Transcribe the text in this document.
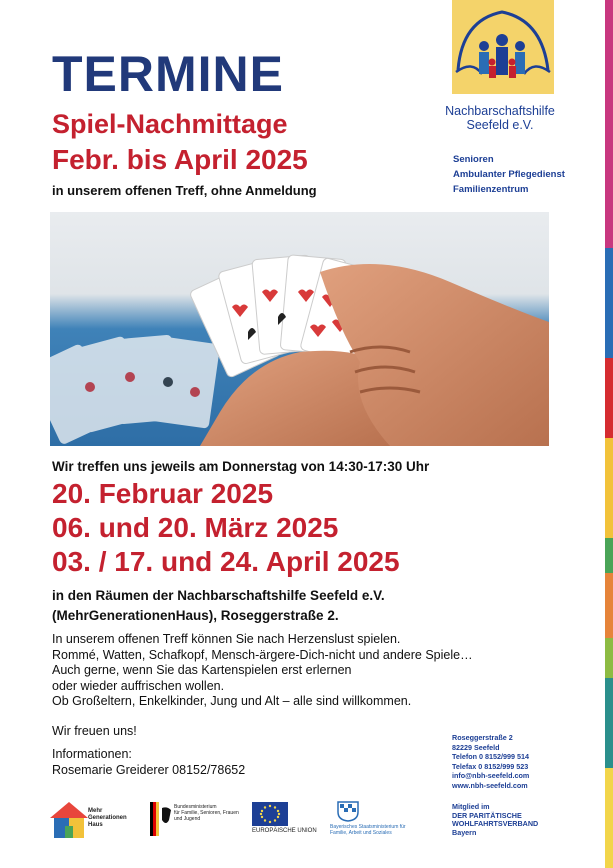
TERMINE
Spiel-Nachmittage
Febr. bis April 2025
in unserem offenen Treff, ohne Anmeldung
Nachbarschaftshilfe
Seefeld e.V.
Senioren
Ambulanter Pflegedienst
Familienzentrum
Wir treffen uns jeweils am Donnerstag von 14:30-17:30 Uhr
20. Februar 2025
06. und 20. März 2025
03. / 17. und 24. April 2025
in den Räumen der Nachbarschaftshilfe Seefeld e.V.
(MehrGenerationenHaus), Roseggerstraße 2.
In unserem offenen Treff können Sie nach Herzenslust spielen.
Rommé, Watten, Schafkopf, Mensch-ärgere-Dich-nicht und andere Spiele…
Auch gerne, wenn Sie das Kartenspielen erst erlernen
oder wieder auffrischen wollen.
Ob Großeltern, Enkelkinder, Jung und Alt – alle sind willkommen.
Wir freuen uns!
Informationen:
Rosemarie Greiderer 08152/78652
Roseggerstraße 2
82229 Seefeld
Telefon 0 8152/999 514
Telefax 0 8152/999 523
info@nbh-seefeld.com
www.nbh-seefeld.com
Mitglied im
DER PARITÄTISCHE
WOHLFAHRTSVERBAND
Bayern
Mehr
Generationen
Haus
Bundesministerium
für Familie, Senioren, Frauen
und Jugend
EUROPÄISCHE UNION
Bayerisches Staatsministerium für
Familie, Arbeit und Soziales
